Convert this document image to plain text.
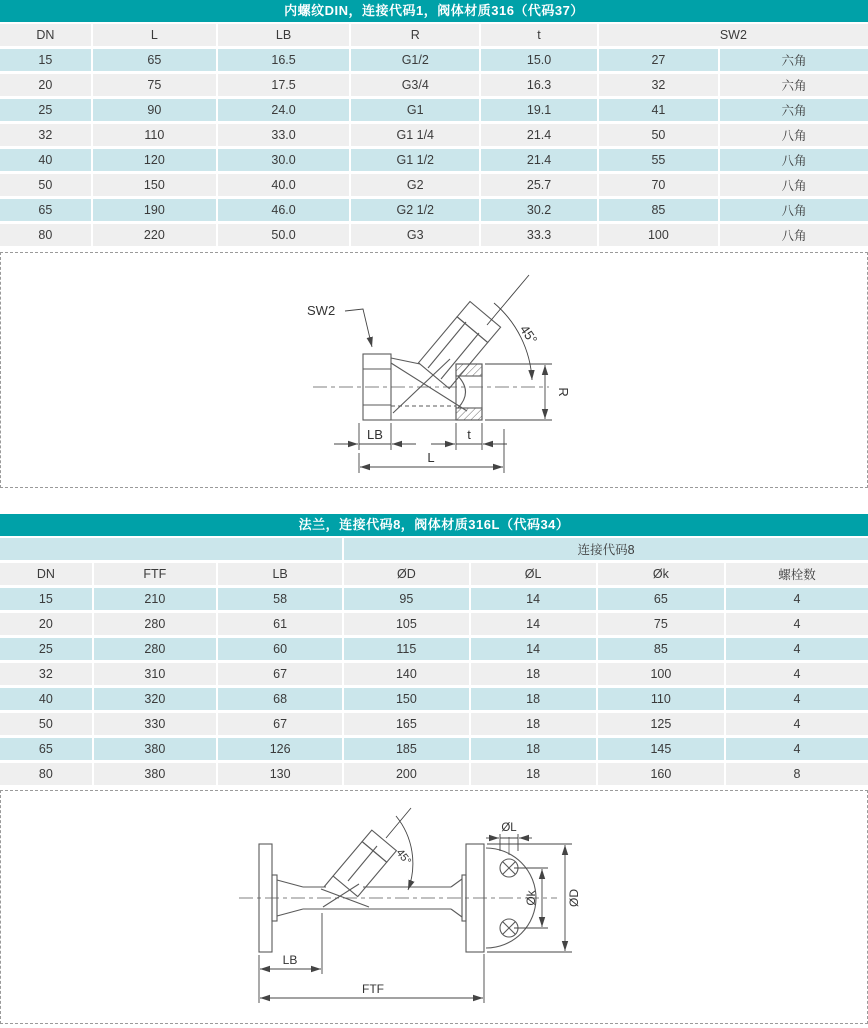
内螺纹DIN，连接代码1，阀体材质316（代码37）
DN	L	LB	R	t	SW2
15	65	16.5	G1/2	15.0	27	六角
20	75	17.5	G3/4	16.3	32	六角
25	90	24.0	G1	19.1	41	六角
32	110	33.0	G1 1/4	21.4	50	八角
40	120	30.0	G1 1/2	21.4	55	八角
50	150	40.0	G2	25.7	70	八角
65	190	46.0	G2 1/2	30.2	85	八角
80	220	50.0	G3	33.3	100	八角
SW2
45°
R
LB	t
L
法兰，连接代码8，阀体材质316L（代码34）
连接代码8
DN	FTF	LB	ØD	ØL	Øk	螺栓数
15	210	58	95	14	65	4
20	280	61	105	14	75	4
25	280	60	115	14	85	4
32	310	67	140	18	100	4
40	320	68	150	18	110	4
50	330	67	165	18	125	4
65	380	126	185	18	145	4
80	380	130	200	18	160	8
45°
ØL
Øk ØD
LB
FTF
